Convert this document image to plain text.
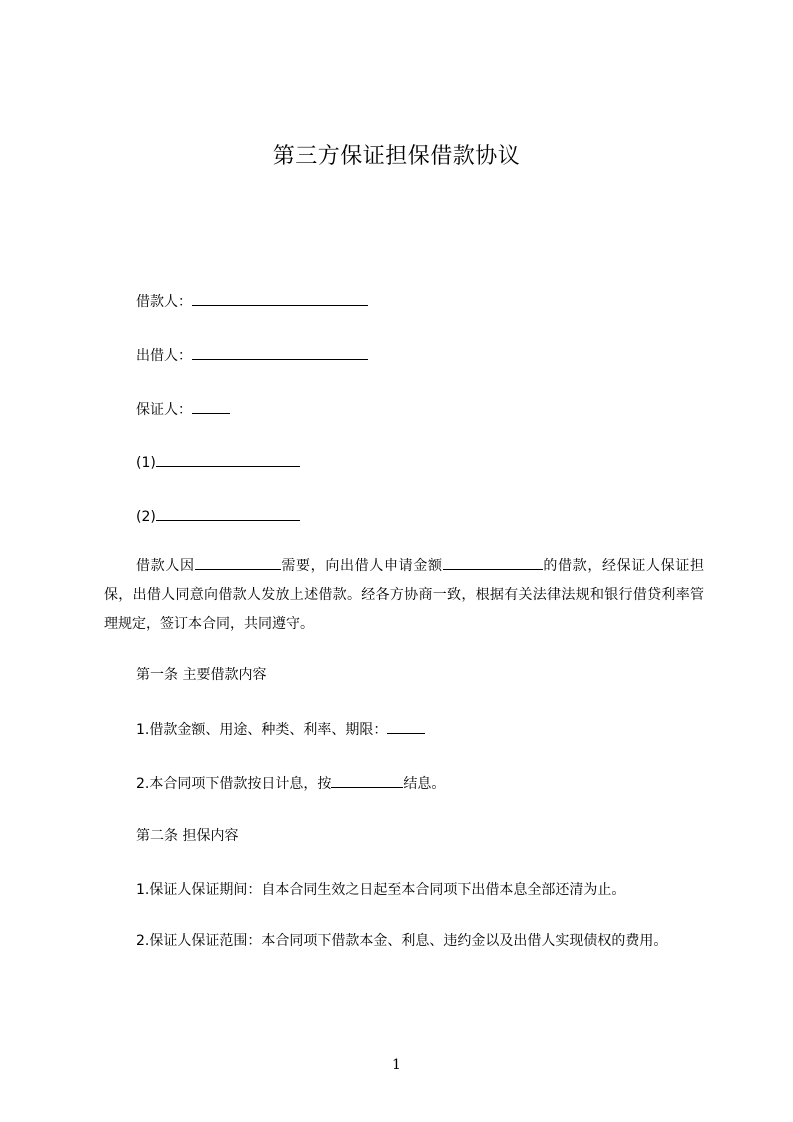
第三方保证担保借款协议
借款人：
出借人：
保证人：
(1)
(2)
借款人因	需要，向出借人申请金额	的借款，经保证人保证担保，出借人同意向借款人发放上述借款。经各方协商一致，根据有关法律法规和银行借贷利率管理规定，签订本合同，共同遵守。
第一条 主要借款内容
1.借款金额、用途、种类、利率、期限：
2.本合同项下借款按日计息，按	结息。
第二条 担保内容
1.保证人保证期间：自本合同生效之日起至本合同项下出借本息全部还清为止。
2.保证人保证范围：本合同项下借款本金、利息、违约金以及出借人实现债权的费用。
1
